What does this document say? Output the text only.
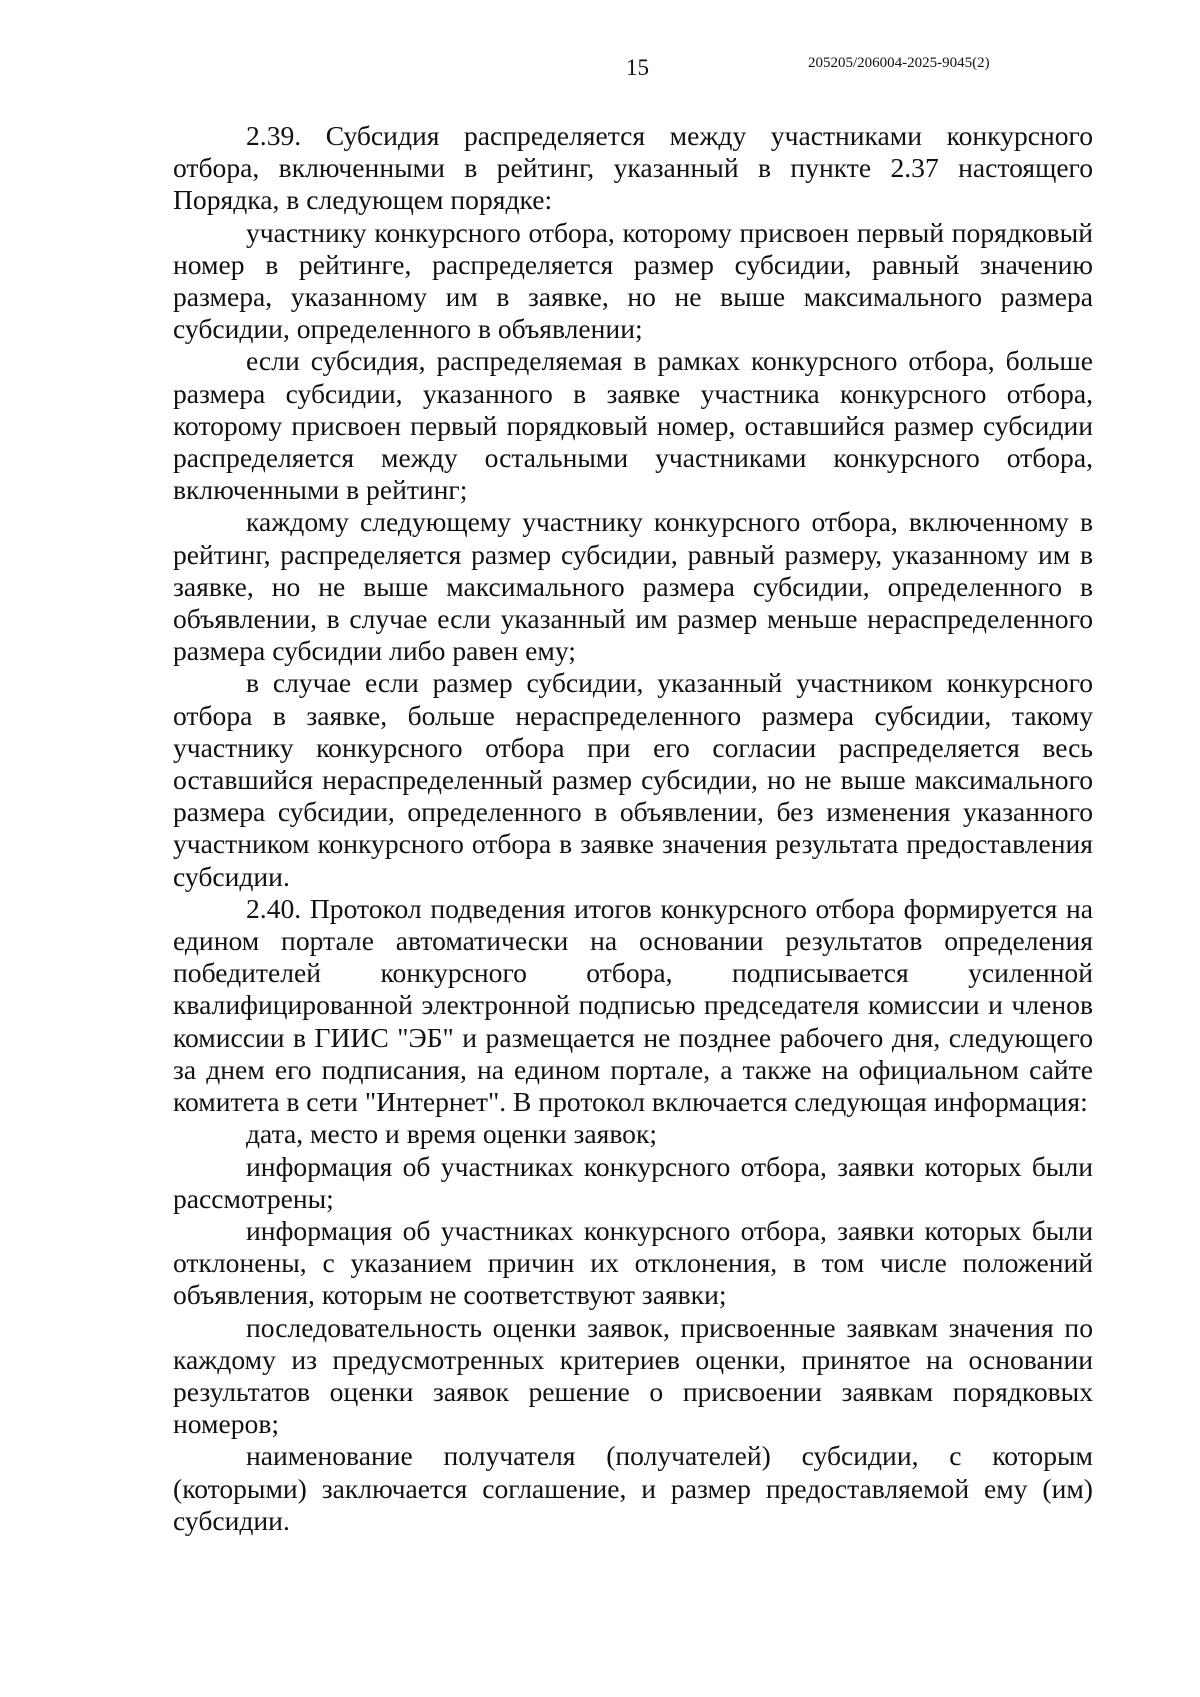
15	205205/206004-2025-9045(2)

2.39. Субсидия распределяется между участниками конкурсного отбора, включенными в рейтинг, указанный в пункте 2.37 настоящего Порядка, в следующем порядке:

участнику конкурсного отбора, которому присвоен первый порядковый номер в рейтинге, распределяется размер субсидии, равный значению размера, указанному им в заявке, но не выше максимального размера субсидии, определенного в объявлении;

если субсидия, распределяемая в рамках конкурсного отбора, больше размера субсидии, указанного в заявке участника конкурсного отбора, которому присвоен первый порядковый номер, оставшийся размер субсидии распределяется между остальными участниками конкурсного отбора, включенными в рейтинг;

каждому следующему участнику конкурсного отбора, включенному в рейтинг, распределяется размер субсидии, равный размеру, указанному им в заявке, но не выше максимального размера субсидии, определенного в объявлении, в случае если указанный им размер меньше нераспределенного размера субсидии либо равен ему;

в случае если размер субсидии, указанный участником конкурсного отбора в заявке, больше нераспределенного размера субсидии, такому участнику конкурсного отбора при его согласии распределяется весь оставшийся нераспределенный размер субсидии, но не выше максимального размера субсидии, определенного в объявлении, без изменения указанного участником конкурсного отбора в заявке значения результата предоставления субсидии.

2.40. Протокол подведения итогов конкурсного отбора формируется на едином портале автоматически на основании результатов определения победителей конкурсного отбора, подписывается усиленной квалифицированной электронной подписью председателя комиссии и членов комиссии в ГИИС "ЭБ" и размещается не позднее рабочего дня, следующего за днем его подписания, на едином портале, а также на официальном сайте комитета в сети "Интернет". В протокол включается следующая информация:

дата, место и время оценки заявок;

информация об участниках конкурсного отбора, заявки которых были рассмотрены;

информация об участниках конкурсного отбора, заявки которых были отклонены, с указанием причин их отклонения, в том числе положений объявления, которым не соответствуют заявки;

последовательность оценки заявок, присвоенные заявкам значения по каждому из предусмотренных критериев оценки, принятое на основании результатов оценки заявок решение о присвоении заявкам порядковых номеров;

наименование получателя (получателей) субсидии, с которым (которыми) заключается соглашение, и размер предоставляемой ему (им) субсидии.
